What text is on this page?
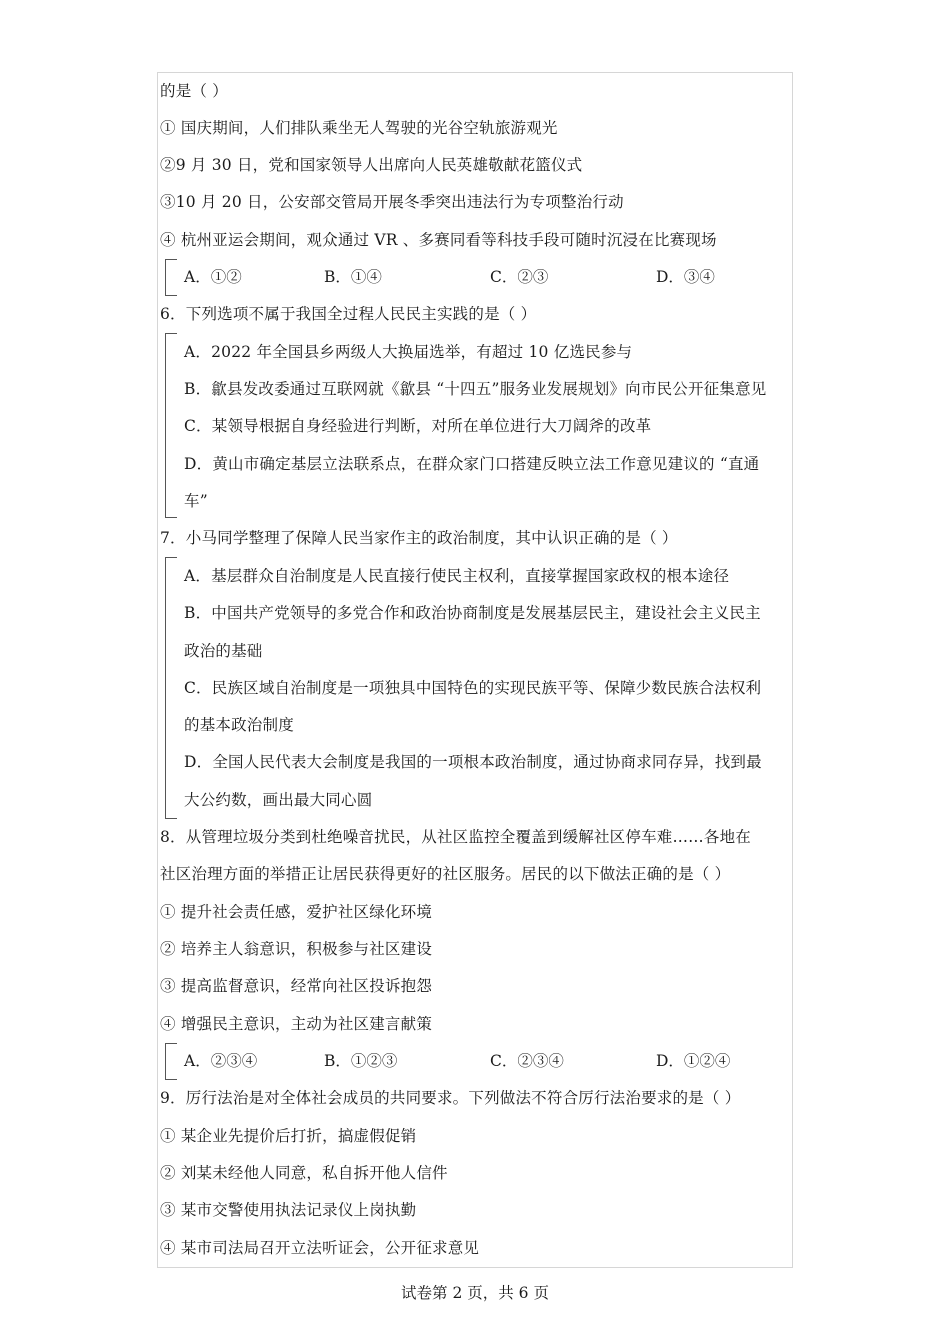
的是（ ）
① 国庆期间，人们排队乘坐无人驾驶的光谷空轨旅游观光
②9 月 30 日，党和国家领导人出席向人民英雄敬献花篮仪式
③10 月 20 日，公安部交管局开展冬季突出违法行为专项整治行动
④ 杭州亚运会期间，观众通过 VR 、多赛同看等科技手段可随时沉浸在比赛现场
A．①②	B．①④	C．②③	D．③④
6．下列选项不属于我国全过程人民民主实践的是（ ）
A．2022 年全国县乡两级人大换届选举，有超过 10 亿选民参与
B．歙县发改委通过互联网就《歙县 “十四五”服务业发展规划》向市民公开征集意见
C．某领导根据自身经验进行判断，对所在单位进行大刀阔斧的改革
D．黄山市确定基层立法联系点，在群众家门口搭建反映立法工作意见建议的 “直通
车”
7．小马同学整理了保障人民当家作主的政治制度，其中认识正确的是（ ）
A．基层群众自治制度是人民直接行使民主权利，直接掌握国家政权的根本途径
B．中国共产党领导的多党合作和政治协商制度是发展基层民主，建设社会主义民主
政治的基础
C．民族区域自治制度是一项独具中国特色的实现民族平等、保障少数民族合法权利
的基本政治制度
D．全国人民代表大会制度是我国的一项根本政治制度，通过协商求同存异，找到最
大公约数，画出最大同心圆
8．从管理垃圾分类到杜绝噪音扰民，从社区监控全覆盖到缓解社区停车难……各地在
社区治理方面的举措正让居民获得更好的社区服务。居民的以下做法正确的是（ ）
① 提升社会责任感，爱护社区绿化环境
② 培养主人翁意识，积极参与社区建设
③ 提高监督意识，经常向社区投诉抱怨
④ 增强民主意识，主动为社区建言献策
A．②③④	B．①②③	C．②③④	D．①②④
9．厉行法治是对全体社会成员的共同要求。下列做法不符合厉行法治要求的是（ ）
① 某企业先提价后打折，搞虚假促销
② 刘某未经他人同意，私自拆开他人信件
③ 某市交警使用执法记录仪上岗执勤
④ 某市司法局召开立法听证会，公开征求意见
试卷第 2 页，共 6 页
